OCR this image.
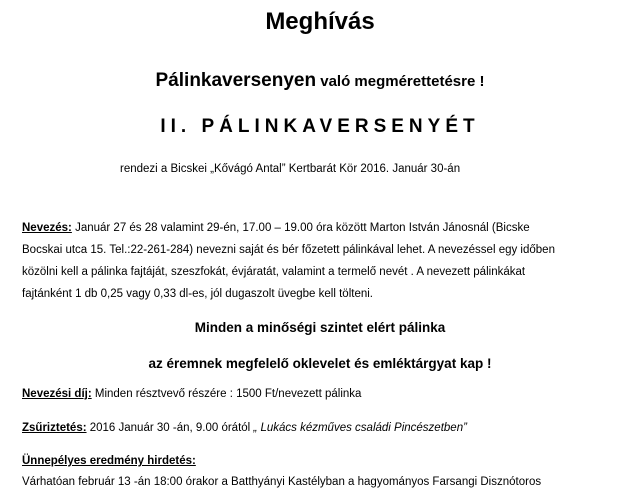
Meghívás
Pálinkaversenyen való megmérettetésre !
II. PÁLINKAVERSENYÉT
rendezi a Bicskei „Kővágó Antal” Kertbarát Kör 2016. Január 30-án
Nevezés: Január 27 és 28 valamint 29-én, 17.00 – 19.00 óra között Marton István Jánosnál (Bicske
Bocskai utca 15. Tel.:22-261-284) nevezni saját és bér főzetett pálinkával lehet. A nevezéssel egy időben
közölni kell a pálinka fajtáját, szeszfokát, évjáratát, valamint a termelő nevét . A nevezett pálinkákat
fajtánként 1 db 0,25 vagy 0,33 dl-es, jól dugaszolt üvegbe kell tölteni.
Minden a minőségi szintet elért pálinka
az éremnek megfelelő oklevelet és emléktárgyat kap !
Nevezési díj: Minden résztvevő részére : 1500 Ft/nevezett pálinka
Zsűriztetés: 2016 Január 30 -án, 9.00 órától „ Lukács kézműves családi Pincészetben”
Ünnepélyes eredmény hirdetés:
Várhatóan február 13 -án 18:00 órakor a Batthyányi Kastélyban a hagyományos Farsangi Disznótoros
